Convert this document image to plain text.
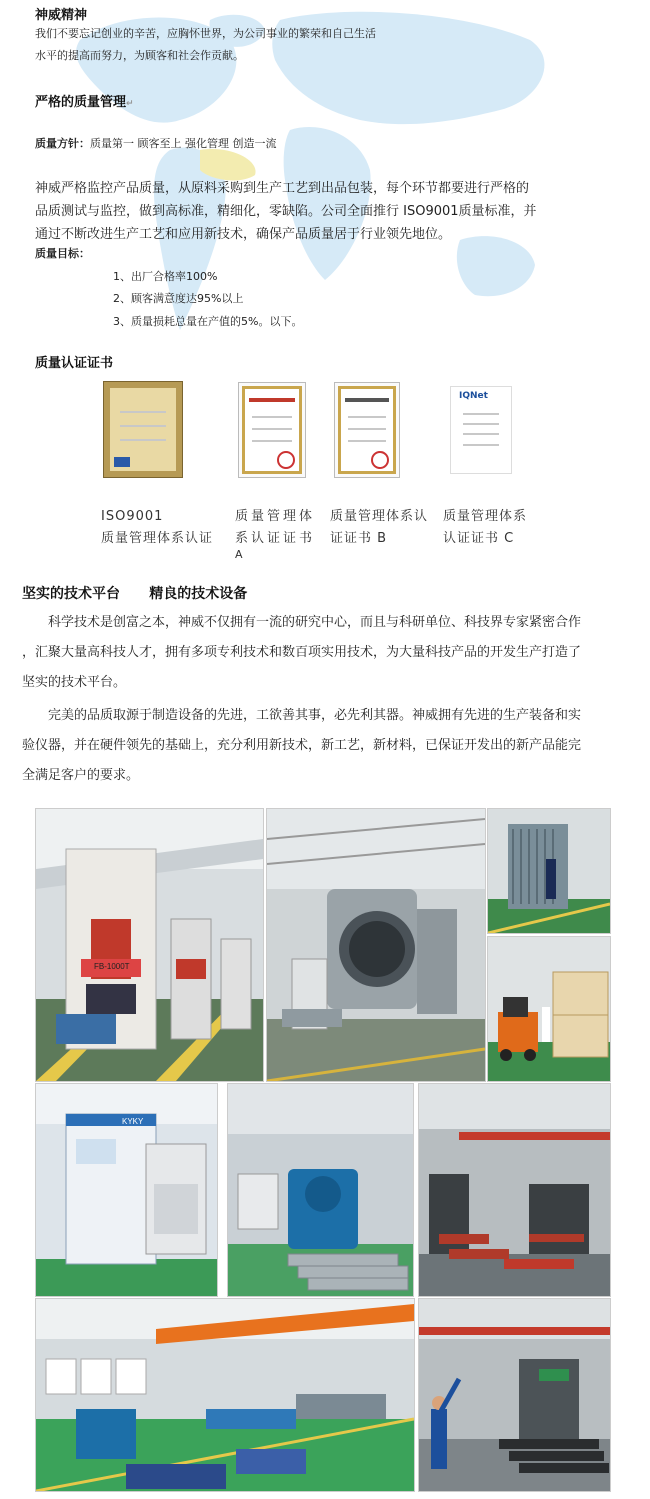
神威精神
我们不要忘记创业的辛苦，应胸怀世界，为公司事业的繁荣和自己生活
水平的提高而努力，为顾客和社会作贡献。
严格的质量管理↵
质量方针：质量第一 顾客至上 强化管理 创造一流
神威严格监控产品质量，从原料采购到生产工艺到出品包装，每个环节都要进行严格的
品质测试与监控，做到高标准，精细化，零缺陷。公司全面推行 ISO9001质量标准，并
通过不断改进生产工艺和应用新技术，确保产品质量居于行业领先地位。
质量目标：
1、出厂合格率100%
2、顾客满意度达95%以上
3、质量损耗总量在产值的5%。以下。
质量认证证书
IQNet
ISO9001
质量管理体系认证
质量管理体
系认证证书
A
质量管理体系认
证证书 B
质量管理体系
认证证书 C
坚实的技术平台      精良的技术设备
　　科学技术是创富之本，神威不仅拥有一流的研究中心，而且与科研单位、科技界专家紧密合作
，汇聚大量高科技人才，拥有多项专利技术和数百项实用技术，为大量科技产品的开发生产打造了
坚实的技术平台。
　　完美的品质取源于制造设备的先进，工欲善其事，必先利其器。神威拥有先进的生产装备和实
验仪器，并在硬件领先的基础上，充分利用新技术，新工艺，新材料，已保证开发出的新产品能完
全满足客户的要求。
FB-1000T
KYKY
